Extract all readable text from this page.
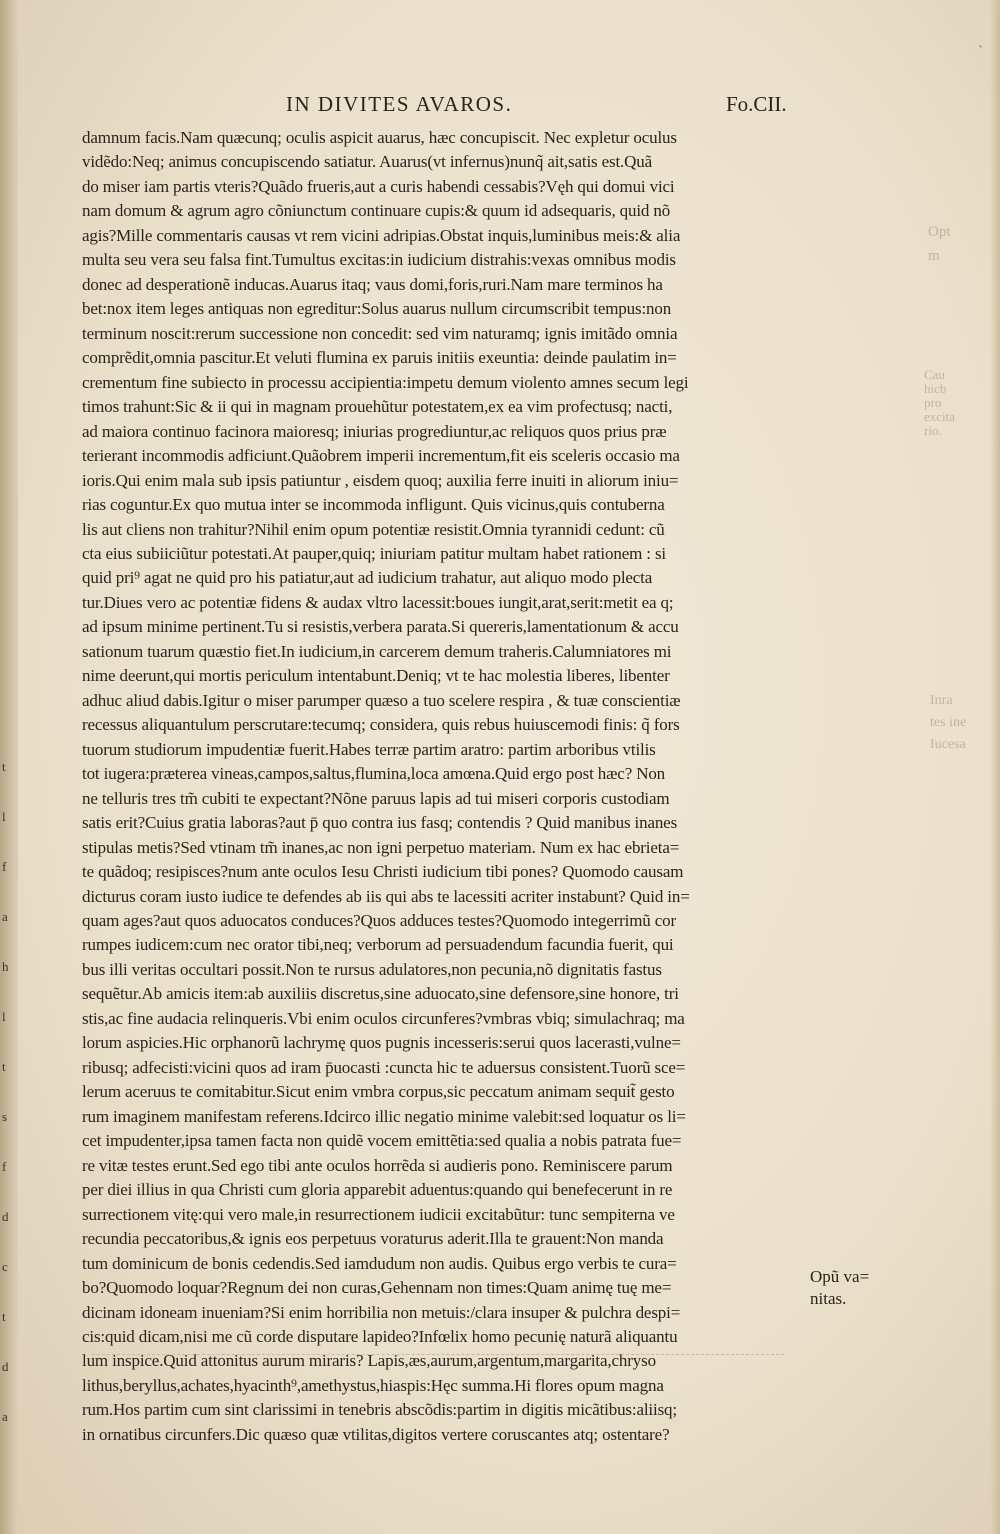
ˋ
IN DIVITES AVAROS.	Fo.CII.
damnum facis.Nam quæcunq; oculis aspicit auarus, hæc concupiscit. Nec expletur oculus
vidẽdo:Neq; animus concupiscendo satiatur. Auarus(vt infernus)nunq̃ ait,satis est.Quã
do miser iam partis vteris?Quãdo frueris,aut a curis habendi cessabis?Vęh qui domui vici
nam domum & agrum agro cõniunctum continuare cupis:& quum id adsequaris, quid nõ
agis?Mille commentaris causas vt rem vicini adripias.Obstat inquis,luminibus meis:& alia
multa seu vera seu falsa fint.Tumultus excitas:in iudicium distrahis:vexas omnibus modis
donec ad desperationẽ inducas.Auarus itaq; vaus domi,foris,ruri.Nam mare terminos ha
bet:nox item leges antiquas non egreditur:Solus auarus nullum circumscribit tempus:non
terminum noscit:rerum successione non concedit: sed vim naturamq; ignis imitãdo omnia
comprẽdit,omnia pascitur.Et veluti flumina ex paruis initiis exeuntia: deinde paulatim in=
crementum fine subiecto in processu accipientia:impetu demum violento amnes secum legi
timos trahunt:Sic & ii qui in magnam prouehũtur potestatem,ex ea vim profectusq; nacti,
ad maiora continuo facinora maioresq; iniurias progrediuntur,ac reliquos quos prius præ
terierant incommodis adficiunt.Quãobrem imperii incrementum,fit eis sceleris occasio ma
ioris.Qui enim mala sub ipsis patiuntur , eisdem quoq; auxilia ferre inuiti in aliorum iniu=
rias coguntur.Ex quo mutua inter se incommoda infligunt. Quis vicinus,quis contuberna
lis aut cliens non trahitur?Nihil enim opum potentiæ resistit.Omnia tyrannidi cedunt: cũ
cta eius subiiciũtur potestati.At pauper,quiq; iniuriam patitur multam habet rationem : si
quid pri⁹ agat ne quid pro his patiatur,aut ad iudicium trahatur, aut aliquo modo plecta
tur.Diues vero ac potentiæ fidens & audax vltro lacessit:boues iungit,arat,serit:metit ea q;
ad ipsum minime pertinent.Tu si resistis,verbera parata.Si quereris,lamentationum & accu
sationum tuarum quæstio fiet.In iudicium,in carcerem demum traheris.Calumniatores mi
nime deerunt,qui mortis periculum intentabunt.Deniq; vt te hac molestia liberes, libenter
adhuc aliud dabis.Igitur o miser parumper quæso a tuo scelere respira , & tuæ conscientiæ
recessus aliquantulum perscrutare:tecumq; considera, quis rebus huiuscemodi finis: q̃ fors
tuorum studiorum impudentiæ fuerit.Habes terræ partim aratro: partim arboribus vtilis
tot iugera:præterea vineas,campos,saltus,flumina,loca amœna.Quid ergo post hæc? Non
ne telluris tres tm̃ cubiti te expectant?Nõne paruus lapis ad tui miseri corporis custodiam
satis erit?Cuius gratia laboras?aut p̄ quo contra ius fasq; contendis ? Quid manibus inanes
stipulas metis?Sed vtinam tm̃ inanes,ac non igni perpetuo materiam. Num ex hac ebrieta=
te quãdoq; resipisces?num ante oculos Iesu Christi iudicium tibi pones? Quomodo causam
dicturus coram iusto iudice te defendes ab iis qui abs te lacessiti acriter instabunt? Quid in=
quam ages?aut quos aduocatos conduces?Quos adduces testes?Quomodo integerrimũ cor
rumpes iudicem:cum nec orator tibi,neq; verborum ad persuadendum facundia fuerit, qui
bus illi veritas occultari possit.Non te rursus adulatores,non pecunia,nõ dignitatis fastus
sequẽtur.Ab amicis item:ab auxiliis discretus,sine aduocato,sine defensore,sine honore, tri
stis,ac fine audacia relinqueris.Vbi enim oculos circunferes?vmbras vbiq; simulachraq; ma
lorum aspicies.Hic orphanorũ lachrymę quos pugnis incesseris:serui quos lacerasti,vulne=
ribusq; adfecisti:vicini quos ad iram p̄uocasti :cuncta hic te aduersus consistent.Tuorũ sce=
lerum aceruus te comitabitur.Sicut enim vmbra corpus,sic peccatum animam sequit̃ gesto
rum imaginem manifestam referens.Idcirco illic negatio minime valebit:sed loquatur os li=
cet impudenter,ipsa tamen facta non quidẽ vocem emittẽtia:sed qualia a nobis patrata fue=
re vitæ testes erunt.Sed ego tibi ante oculos horrẽda si audieris pono. Reminiscere parum
per diei illius in qua Christi cum gloria apparebit aduentus:quando qui benefecerunt in re
surrectionem vitę:qui vero male,in resurrectionem iudicii excitabũtur: tunc sempiterna ve
recundia peccatoribus,& ignis eos perpetuus voraturus aderit.Illa te grauent:Non manda
tum dominicum de bonis cedendis.Sed iamdudum non audis. Quibus ergo verbis te cura=
bo?Quomodo loquar?Regnum dei non curas,Gehennam non times:Quam animę tuę me=
dicinam idoneam inueniam?Si enim horribilia non metuis:/clara insuper & pulchra despi=
cis:quid dicam,nisi me cũ corde disputare lapideo?Infœlix homo pecunię naturã aliquantu
lum inspice.Quid attonitus aurum miraris? Lapis,æs,aurum,argentum,margarita,chryso
lithus,beryllus,achates,hyacinth⁹,amethystus,hiaspis:Hęc summa.Hi flores opum magna
rum.Hos partim cum sint clarissimi in tenebris abscõdis:partim in digitis micãtibus:aliisq;
in ornatibus circunfers.Dic quæso quæ vtilitas,digitos vertere coruscantes atq; ostentare?
Opũ va=
nitas.
Opt
m
Cau
hicb
pro
excita
rio.
Inra
tes ine
Iucesa
t
l
f
a
h
l
t
s
f
d
c
t
d
a
